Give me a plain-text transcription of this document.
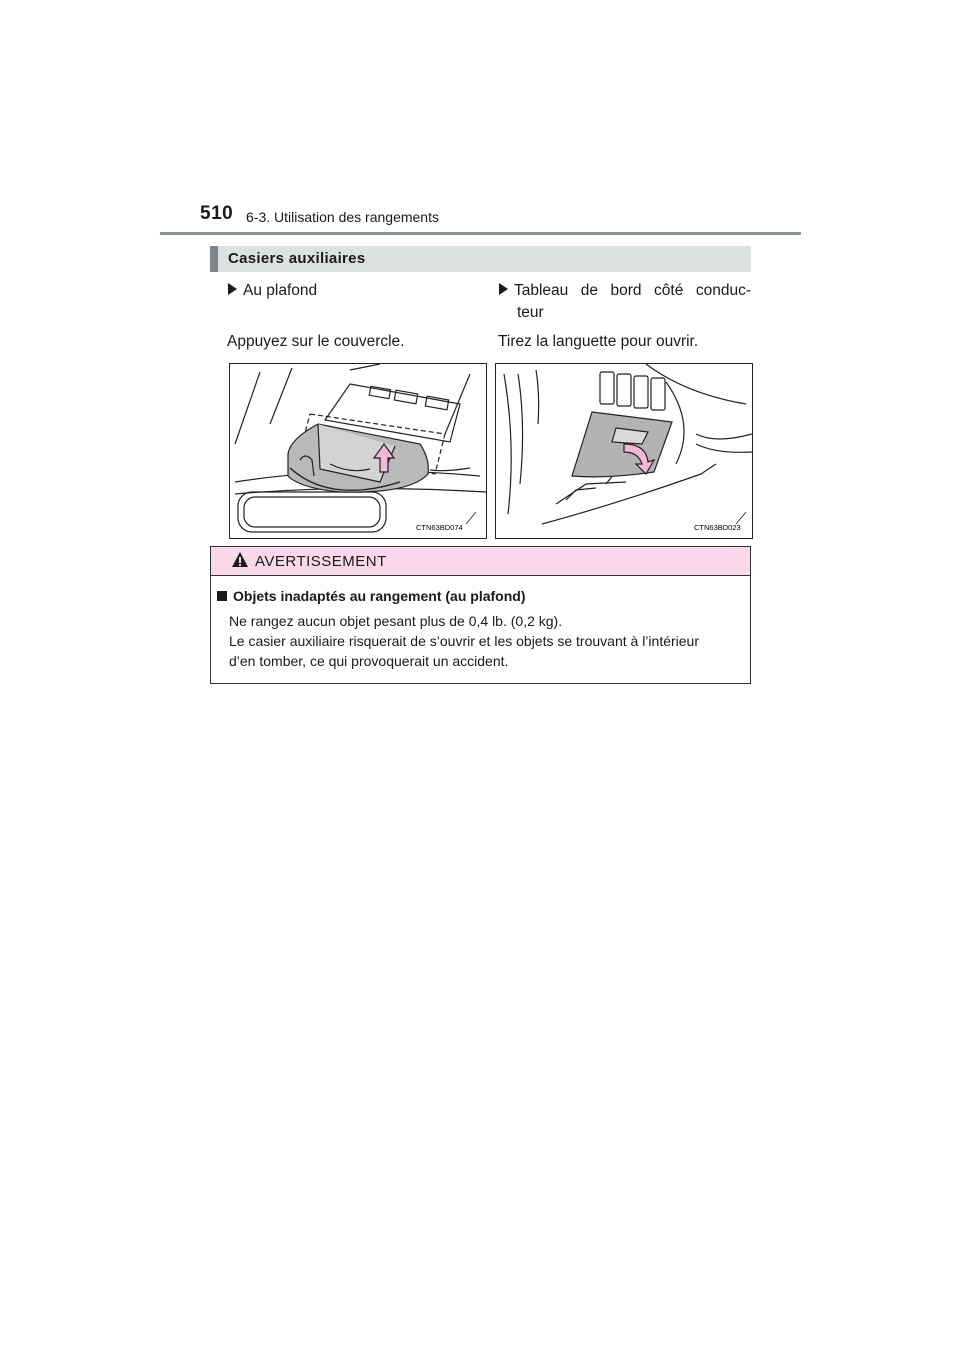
510 6-3. Utilisation des rangements
Casiers auxiliaires
Au plafond
Appuyez sur le couvercle.
Tableau de bord côté conduc-
teur
Tirez la languette pour ouvrir.
CTN63BD074	CTN63BD023
AVERTISSEMENT
Objets inadaptés au rangement (au plafond)
Ne rangez aucun objet pesant plus de 0,4 lb. (0,2 kg).
Le casier auxiliaire risquerait de s’ouvrir et les objets se trouvant à l’intérieur
d’en tomber, ce qui provoquerait un accident.
